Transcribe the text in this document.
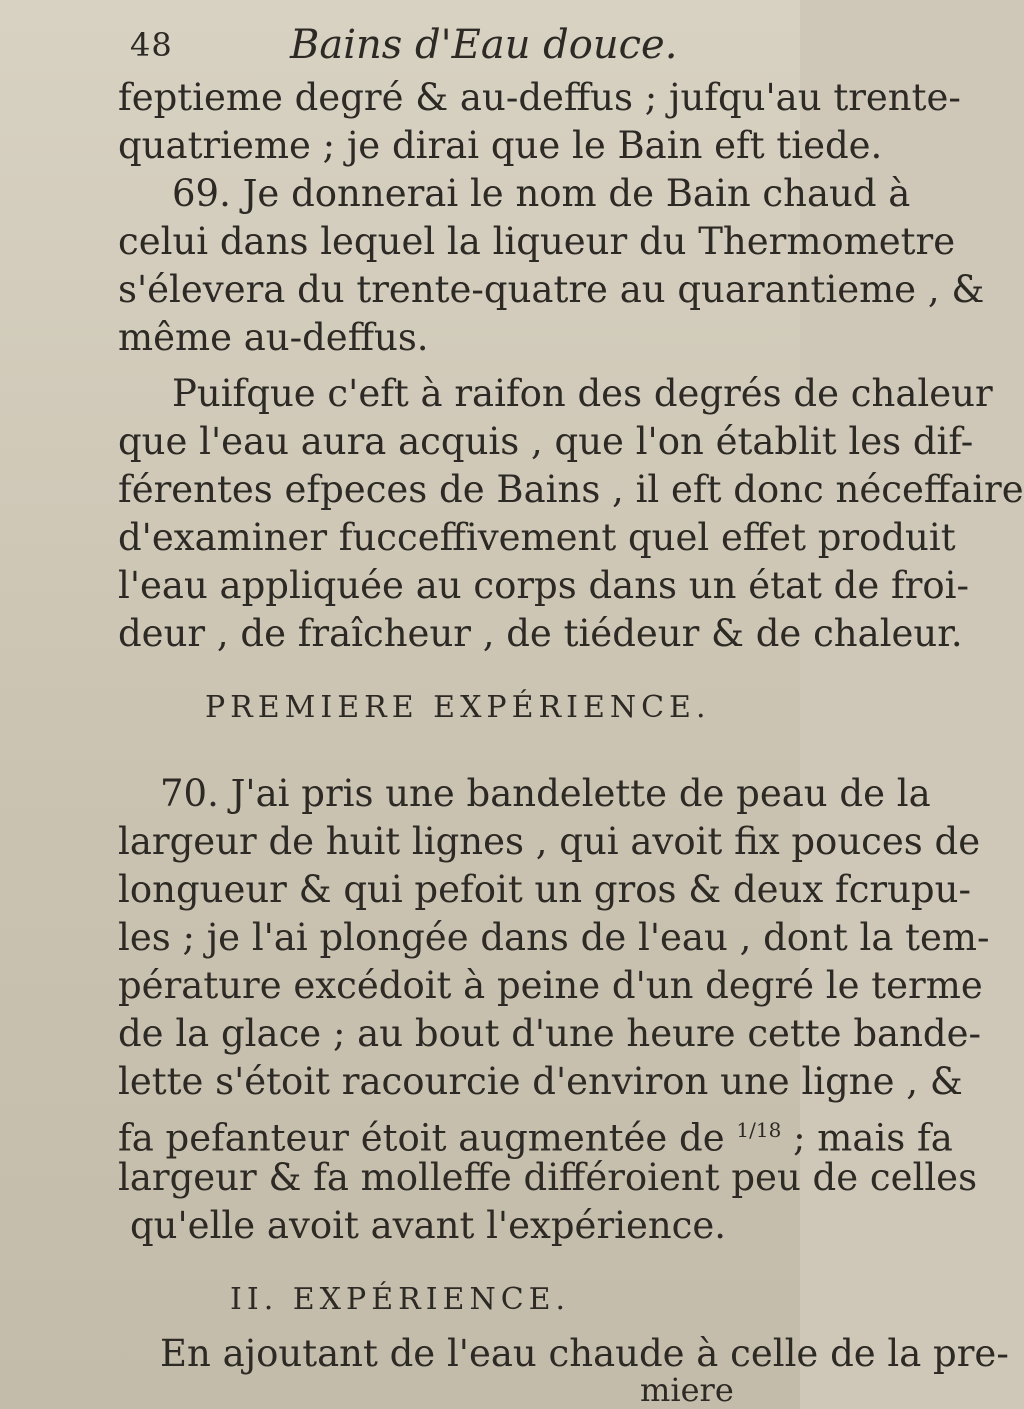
48	Bains d'Eau douce.
feptieme degré & au-deffus ; jufqu'au trente-
quatrieme ; je dirai que le Bain eft tiede.
69. Je donnerai le nom de Bain chaud à
celui dans lequel la liqueur du Thermometre
s'élevera du trente-quatre au quarantieme , &
même au-deffus.
Puifque c'eft à raifon des degrés de chaleur
que l'eau aura acquis , que l'on établit les dif-
férentes efpeces de Bains , il eft donc néceffaire
d'examiner fucceffivement quel effet produit
l'eau appliquée au corps dans un état de froi-
deur , de fraîcheur , de tiédeur & de chaleur.
PREMIERE EXPÉRIENCE.
70. J'ai pris une bandelette de peau de la
largeur de huit lignes , qui avoit fix pouces de
longueur & qui pefoit un gros & deux fcrupu-
les ; je l'ai plongée dans de l'eau , dont la tem-
pérature excédoit à peine d'un degré le terme
de la glace ; au bout d'une heure cette bande-
lette s'étoit racourcie d'environ une ligne , &
fa pefanteur étoit augmentée de $^{1/18}$ ; mais fa
largeur & fa molleffe différoient peu de celles
qu'elle avoit avant l'expérience.
II. EXPÉRIENCE.
En ajoutant de l'eau chaude à celle de la pre-
miere
